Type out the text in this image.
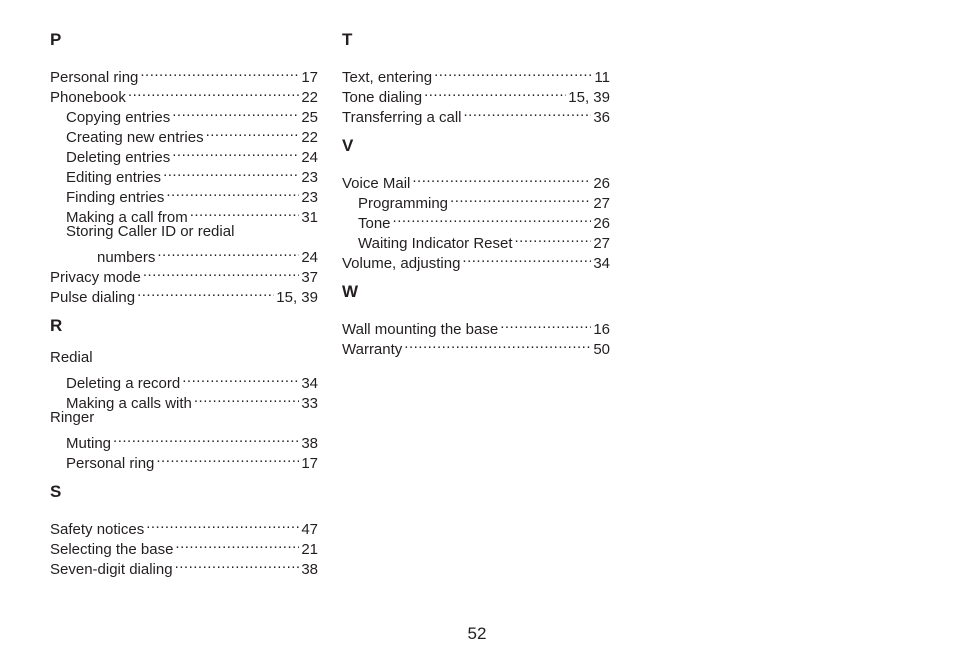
P
Personal ring .....	17
Phonebook .....	22
Copying entries .....	25
Creating new entries .....	22
Deleting entries .....	24
Editing entries .....	23
Finding entries .....	23
Making a call from .....	31
Storing Caller ID or redial
numbers .....	24
Privacy mode .....	37
Pulse dialing .....	15, 39
R
Redial
Deleting a record .....	34
Making a calls with .....	33
Ringer
Muting .....	38
Personal ring .....	17
S
Safety notices .....	47
Selecting the base .....	21
Seven-digit dialing .....	38
T
Text, entering .....	11
Tone dialing .....	15, 39
Transferring a call .....	36
V
Voice Mail .....	26
Programming .....	27
Tone .....	26
Waiting Indicator Reset .....	27
Volume, adjusting .....	34
W
Wall mounting the base .....	16
Warranty .....	50
52
